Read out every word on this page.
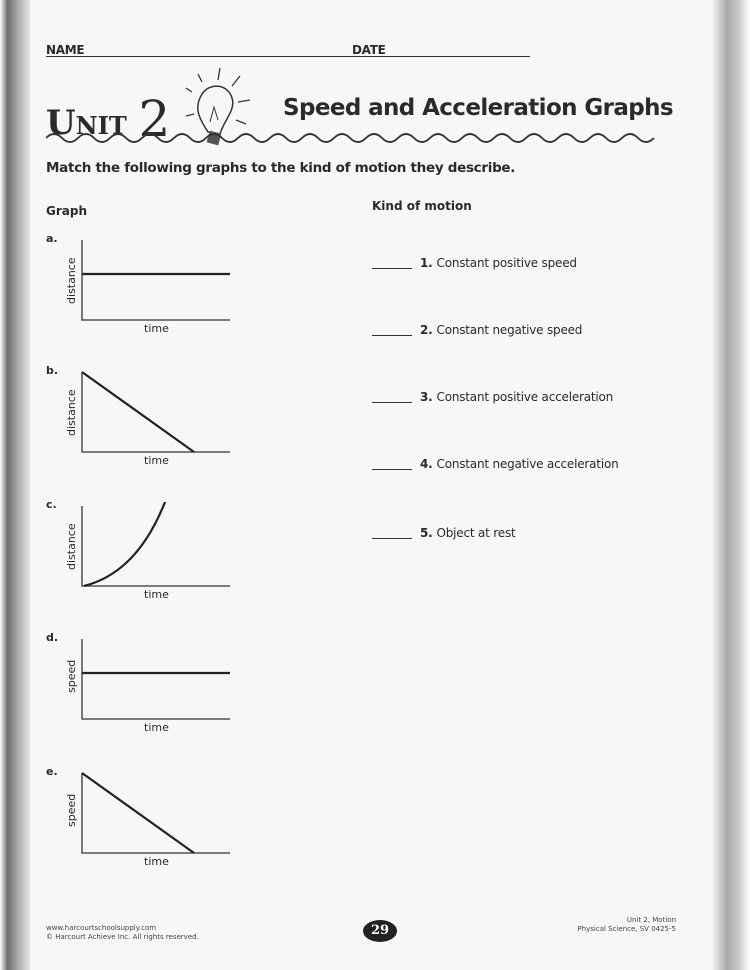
NAME	DATE
Unit 2	Speed and Acceleration Graphs
Match the following graphs to the kind of motion they describe.
Graph	Kind of motion
a.
time
distance
b.
time
distance
c.
time
distance
d.
time
speed
e.
time
speed
1. Constant positive speed
2. Constant negative speed
3. Constant positive acceleration
4. Constant negative acceleration
5. Object at rest
www.harcourtschoolsupply.com
© Harcourt Achieve Inc. All rights reserved.	29
Unit 2, Motion
Physical Science, SV 0425-5
